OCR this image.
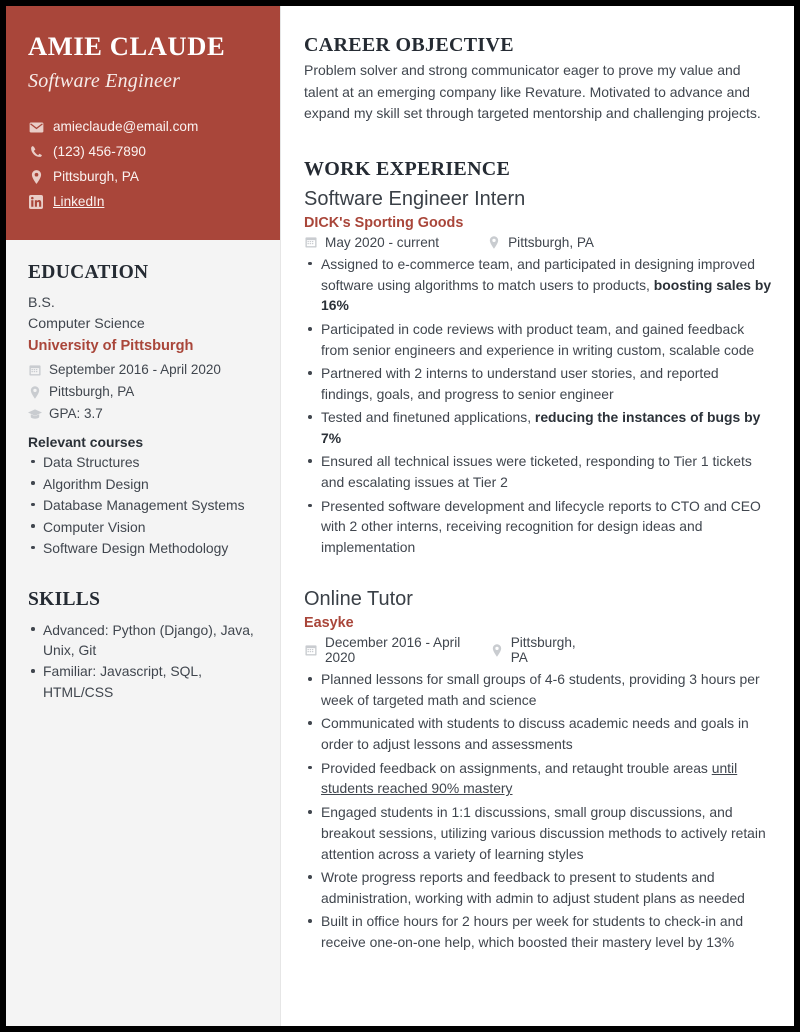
AMIE CLAUDE
Software Engineer
amieclaude@email.com
(123) 456-7890
Pittsburgh, PA
LinkedIn
EDUCATION
B.S.
Computer Science
University of Pittsburgh
September 2016 - April 2020
Pittsburgh, PA
GPA: 3.7
Relevant courses
Data Structures
Algorithm Design
Database Management Systems
Computer Vision
Software Design Methodology
SKILLS
Advanced: Python (Django), Java, Unix, Git
Familiar: Javascript, SQL, HTML/CSS
CAREER OBJECTIVE

Problem solver and strong communicator eager to prove my value and talent at an emerging company like Revature. Motivated to advance and expand my skill set through targeted mentorship and challenging projects.

WORK EXPERIENCE
Software Engineer Intern
DICK's Sporting Goods
May 2020 - current	Pittsburgh, PA
Assigned to e-commerce team, and participated in designing improved software using algorithms to match users to products, boosting sales by 16%
Participated in code reviews with product team, and gained feedback from senior engineers and experience in writing custom, scalable code
Partnered with 2 interns to understand user stories, and reported findings, goals, and progress to senior engineer
Tested and finetuned applications, reducing the instances of bugs by 7%
Ensured all technical issues were ticketed, responding to Tier 1 tickets and escalating issues at Tier 2
Presented software development and lifecycle reports to CTO and CEO with 2 other interns, receiving recognition for design ideas and implementation
Online Tutor
Easyke
December 2016 - April 2020
Pittsburgh, PA
Planned lessons for small groups of 4-6 students, providing 3 hours per week of targeted math and science
Communicated with students to discuss academic needs and goals in order to adjust lessons and assessments
Provided feedback on assignments, and retaught trouble areas until students reached 90% mastery
Engaged students in 1:1 discussions, small group discussions, and breakout sessions, utilizing various discussion methods to actively retain attention across a variety of learning styles
Wrote progress reports and feedback to present to students and administration, working with admin to adjust student plans as needed
Built in office hours for 2 hours per week for students to check-in and receive one-on-one help, which boosted their mastery level by 13%
